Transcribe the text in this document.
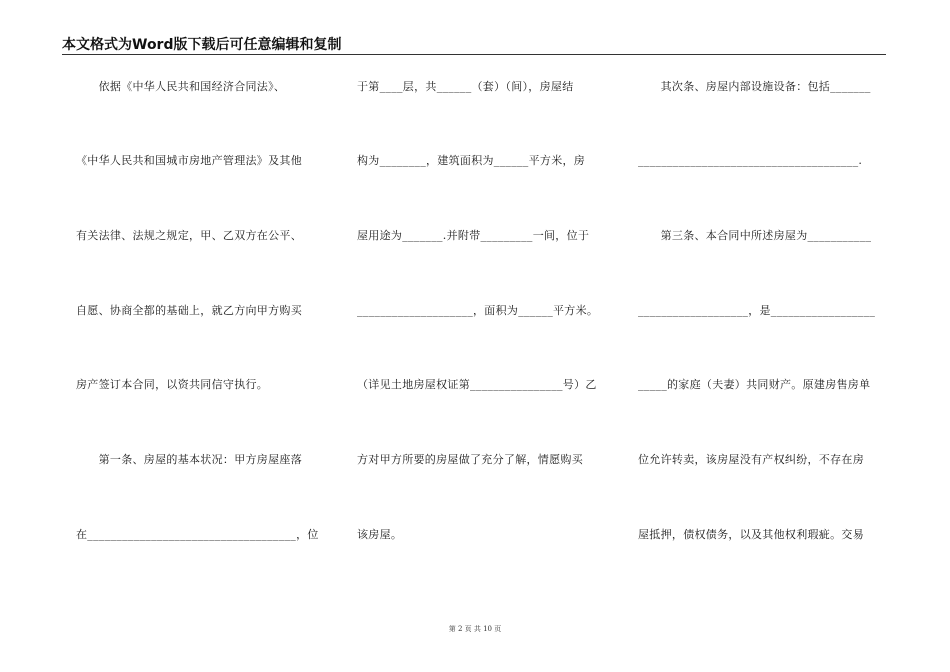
本文格式为Word版下载后可任意编辑和复制
　　依据《中华人民共和国经济合同法》、
《中华人民共和国城市房地产管理法》及其他
有关法律、法规之规定，甲、乙双方在公平、
自愿、协商全都的基础上，就乙方向甲方购买
房产签订本合同，以资共同信守执行。
　　第一条、房屋的基本状况：甲方房屋座落
在____________________________________，位
于第____层，共______（套）（间），房屋结
构为________，建筑面积为______平方米，房
屋用途为_______.并附带_________一间，位于
____________________，面积为______平方米。
（详见土地房屋权证第________________号）乙
方对甲方所要的房屋做了充分了解，情愿购买
该房屋。
　　其次条、房屋内部设施设备：包括_______
______________________________________.
　　第三条、本合同中所述房屋为___________
___________________，是__________________
_____的家庭（夫妻）共同财产。原建房售房单
位允许转卖，该房屋没有产权纠纷，不存在房
屋抵押，债权债务，以及其他权利瑕疵。交易
第 2 页 共 10 页
